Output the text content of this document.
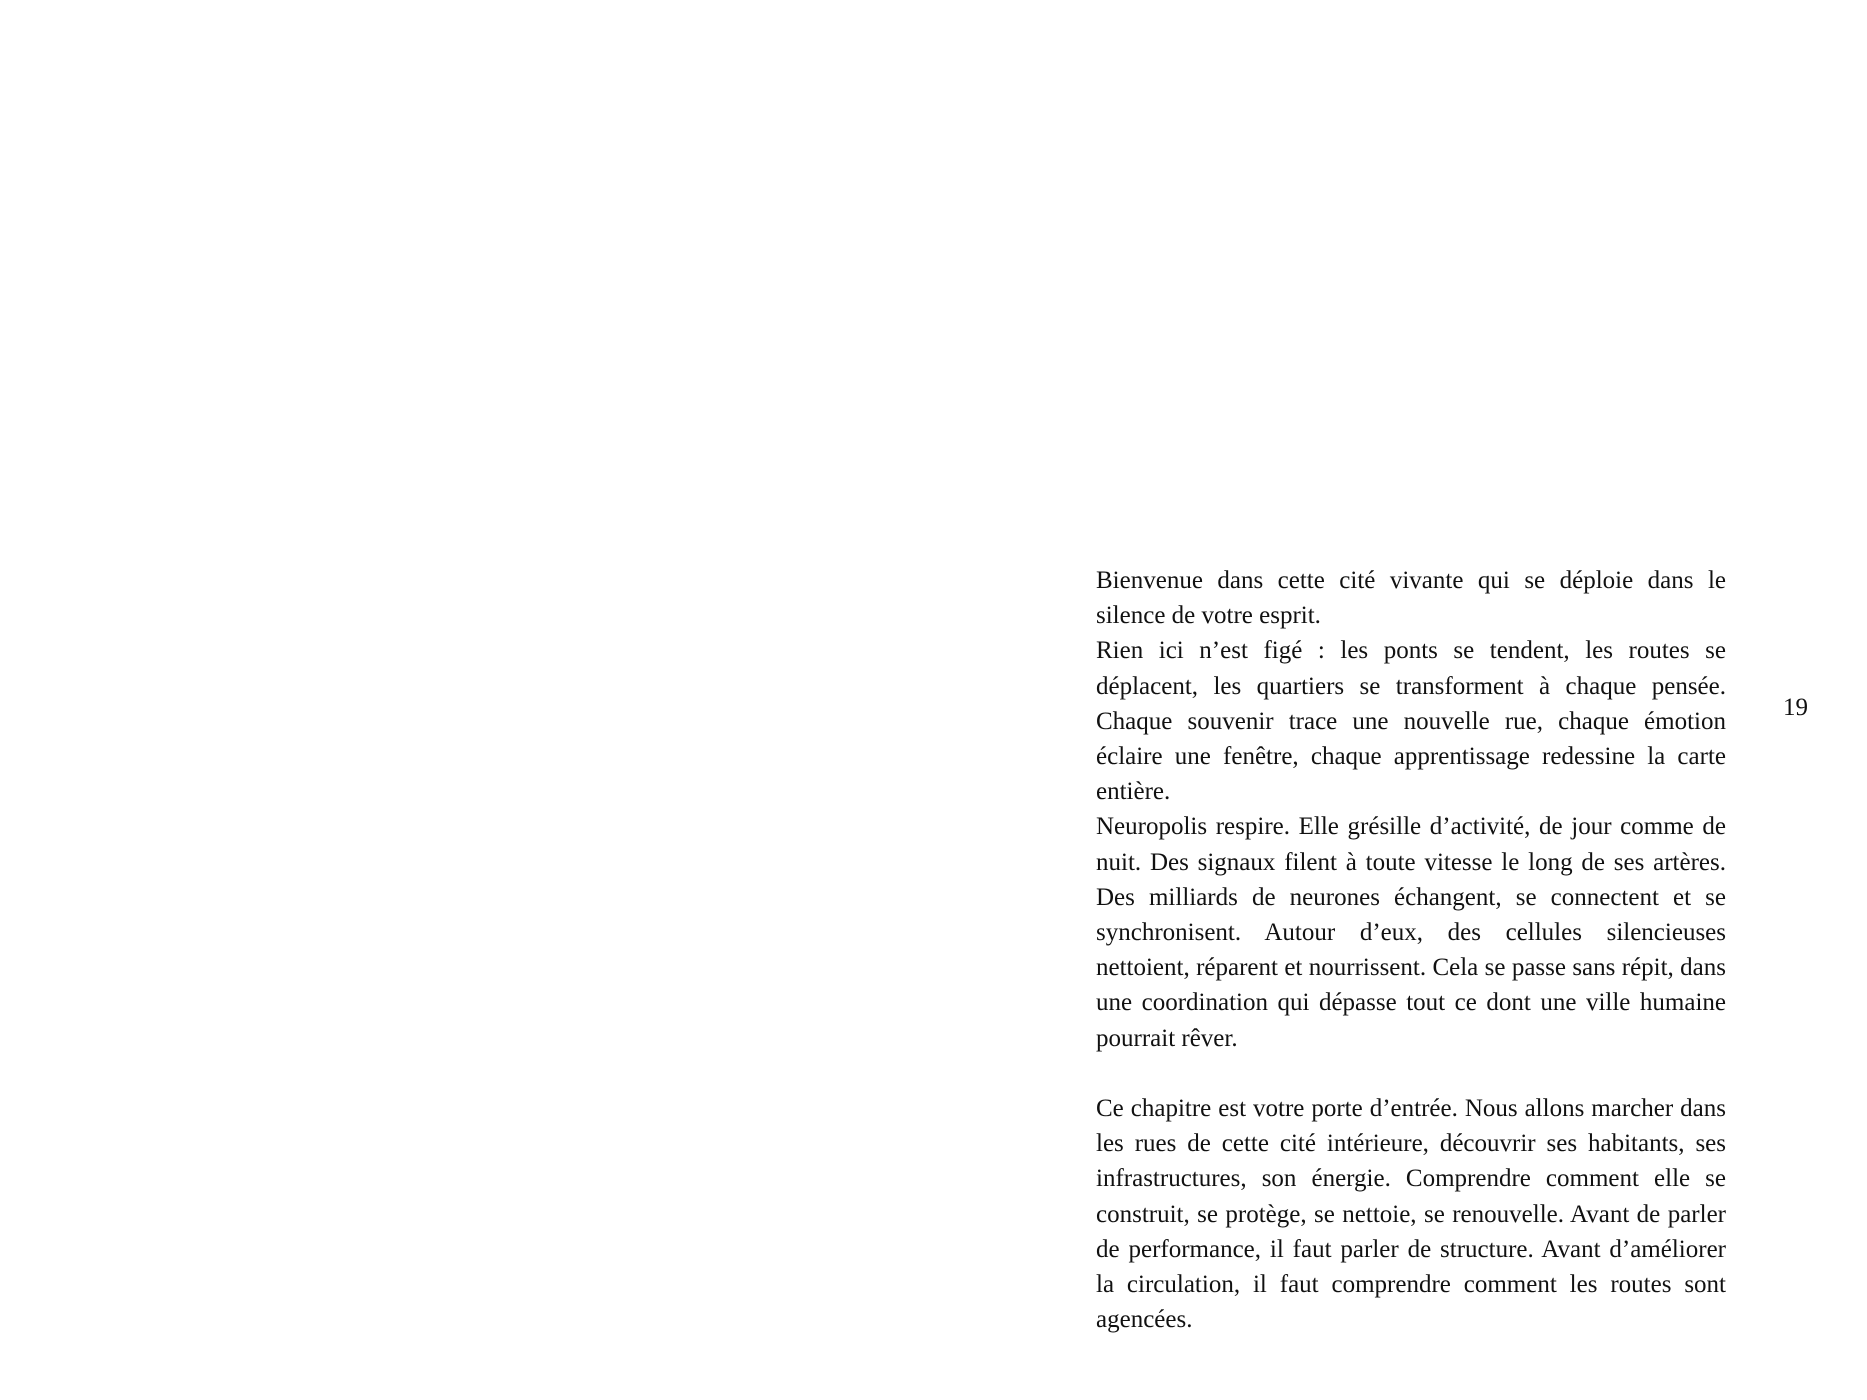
Bienvenue dans cette cité vivante qui se déploie dans le silence de votre esprit.

Rien ici n’est figé : les ponts se tendent, les routes se déplacent, les quartiers se transforment à chaque pensée. Chaque souvenir trace une nouvelle rue, chaque émotion éclaire une fenêtre, chaque apprentissage redessine la carte entière.

Neuropolis respire. Elle grésille d’activité, de jour comme de nuit. Des signaux filent à toute vitesse le long de ses artères. Des milliards de neurones échangent, se connectent et se synchronisent. Autour d’eux, des cellules silencieuses nettoient, réparent et nourrissent. Cela se passe sans répit, dans une coordination qui dépasse tout ce dont une ville humaine pourrait rêver.

Ce chapitre est votre porte d’entrée. Nous allons marcher dans les rues de cette cité intérieure, découvrir ses habitants, ses infrastructures, son énergie. Comprendre comment elle se construit, se protège, se nettoie, se renouvelle. Avant de parler de performance, il faut parler de structure. Avant d’améliorer la circulation, il faut comprendre comment les routes sont agencées.

19
